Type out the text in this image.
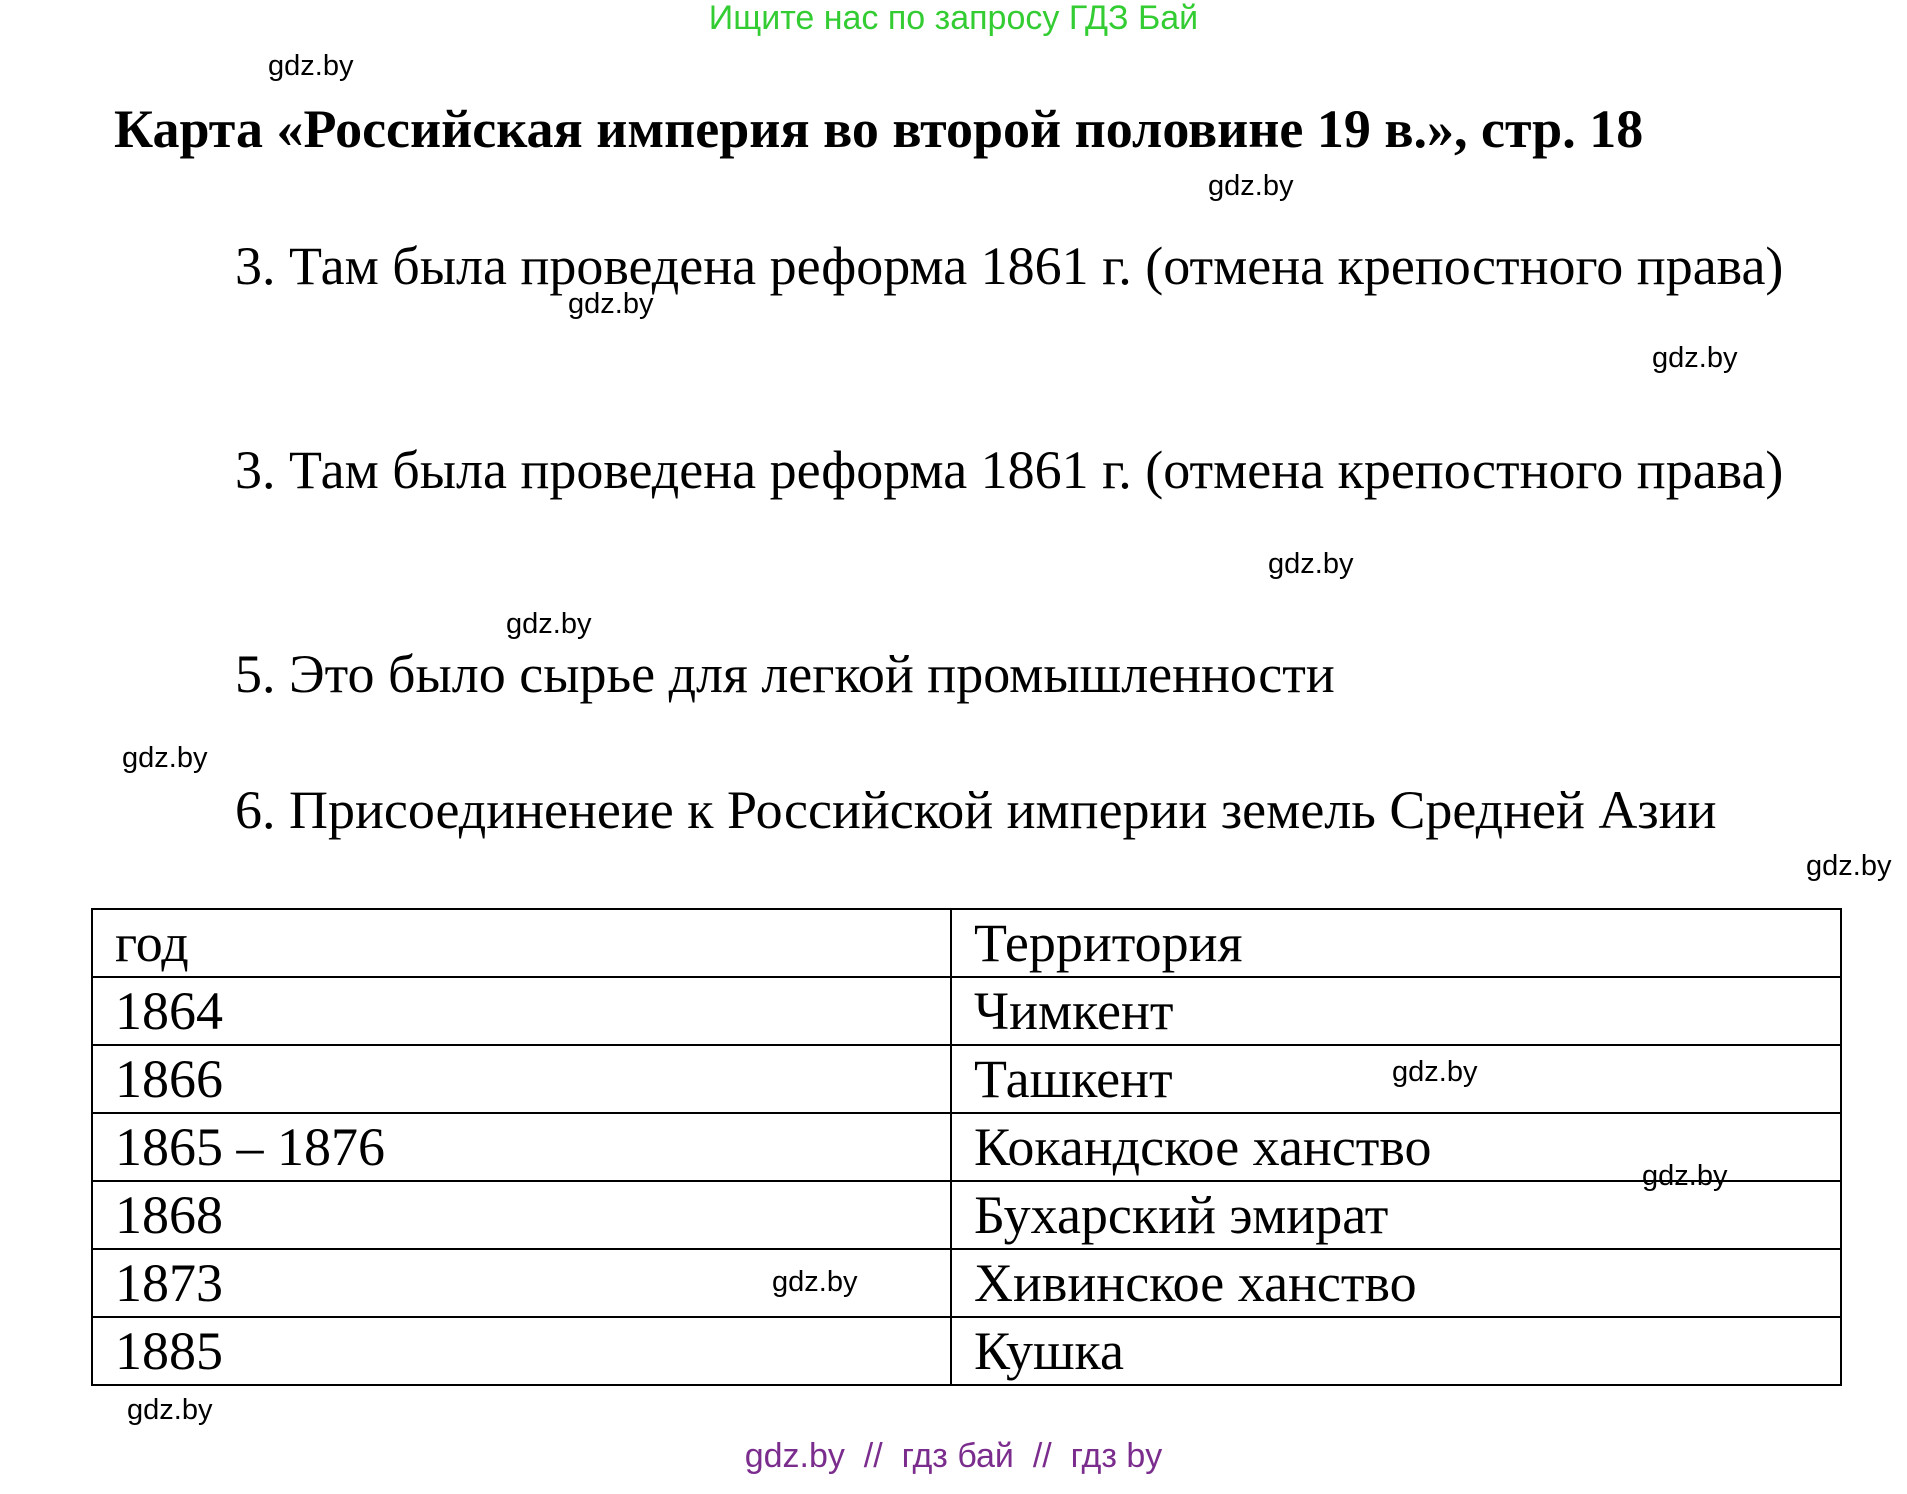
Ищите нас по запросу ГДЗ Бай
gdz.by
Карта «Российская империя во второй половине 19 в.», стр. 18
gdz.by
3. Там была проведена реформа 1861 г. (отмена крепостного права)
gdz.by
gdz.by
3. Там была проведена реформа 1861 г. (отмена крепостного права)
gdz.by
gdz.by
5. Это было сырье для легкой промышленности
gdz.by
6. Присоединенеие к Российской империи земель Средней Азии
gdz.by
год	Территория
1864	Чимкент
1866	Ташкент
1865 – 1876	Кокандское ханство
1868	Бухарский эмират
1873	Хивинское ханство
1885	Кушка
gdz.by
gdz.by
gdz.by
gdz.by
gdz.by  //  гдз бай  //  гдз by
